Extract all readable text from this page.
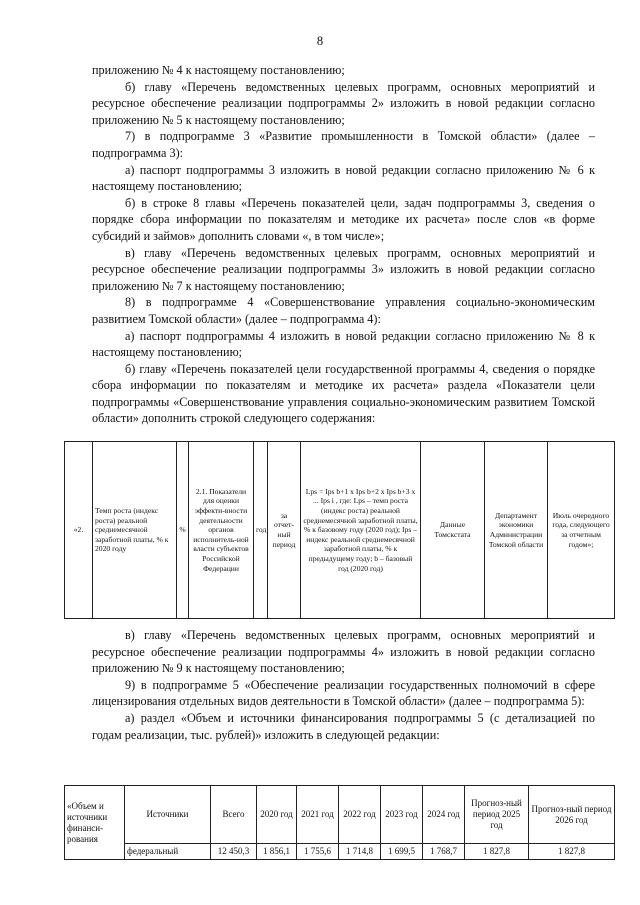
8

приложению № 4 к настоящему постановлению;

б) главу «Перечень ведомственных целевых программ, основных мероприятий и ресурсное обеспечение реализации подпрограммы 2» изложить в новой редакции согласно приложению № 5 к настоящему постановлению;

7) в подпрограмме 3 «Развитие промышленности в Томской области» (далее – подпрограмма 3):

а) паспорт подпрограммы 3 изложить в новой редакции согласно приложению № 6 к настоящему постановлению;

б) в строке 8 главы «Перечень показателей цели, задач подпрограммы 3, сведения о порядке сбора информации по показателям и методике их расчета» после слов «в форме субсидий и займов» дополнить словами «, в том числе»;

в) главу «Перечень ведомственных целевых программ, основных мероприятий и ресурсное обеспечение реализации подпрограммы 3» изложить в новой редакции согласно приложению № 7 к настоящему постановлению;

8) в подпрограмме 4 «Совершенствование управления социально-экономическим развитием Томской области» (далее – подпрограмма 4):

а) паспорт подпрограммы 4 изложить в новой редакции согласно приложению № 8 к настоящему постановлению;

б) главу «Перечень показателей цели государственной программы 4, сведения о порядке сбора информации по показателям и методике их расчета» раздела «Показатели цели подпрограммы «Совершенствование управления социально-экономическим развитием Томской области» дополнить строкой следующего содержания:

«2.	Темп роста (индекс роста) реальной среднемесячной заработной платы, % к 2020 году	%	2.1. Показатели для оценки эффекти-вности деятельности органов исполнитель-ной власти субъектов Российской Федерации	год	за отчет-ный период	Lps = Ips b+1 x Ips b+2 x Ips b+3 x ... Ips i , где: Lps – темп роста (индекс роста) реальной среднемесячной заработной платы, % к базовому году (2020 год); Ips – индекс реальной среднемесячной заработной платы, % к предыдущему году; b – базовый год (2020 год)	Данные Томскстата	Департамент экономики Администрации Томской области	Июль очередного года, следующего за отчетным годом»;

в) главу «Перечень ведомственных целевых программ, основных мероприятий и ресурсное обеспечение реализации подпрограммы 4» изложить в новой редакции согласно приложению № 9 к настоящему постановлению;

9) в подпрограмме 5 «Обеспечение реализации государственных полномочий в сфере лицензирования отдельных видов деятельности в Томской области» (далее – подпрограмма 5):

а) раздел «Объем и источники финансирования подпрограммы 5 (с детализацией по годам реализации, тыс. рублей)» изложить в следующей редакции:

«Объем и источники финанси-рования	Источники	Всего	2020 год	2021 год	2022 год	2023 год	2024 год	Прогноз-ный период 2025 год	Прогноз-ный период 2026 год
	федеральный	12 450,3	1 856,1	1 755,6	1 714,8	1 699,5	1 768,7	1 827,8	1 827,8
